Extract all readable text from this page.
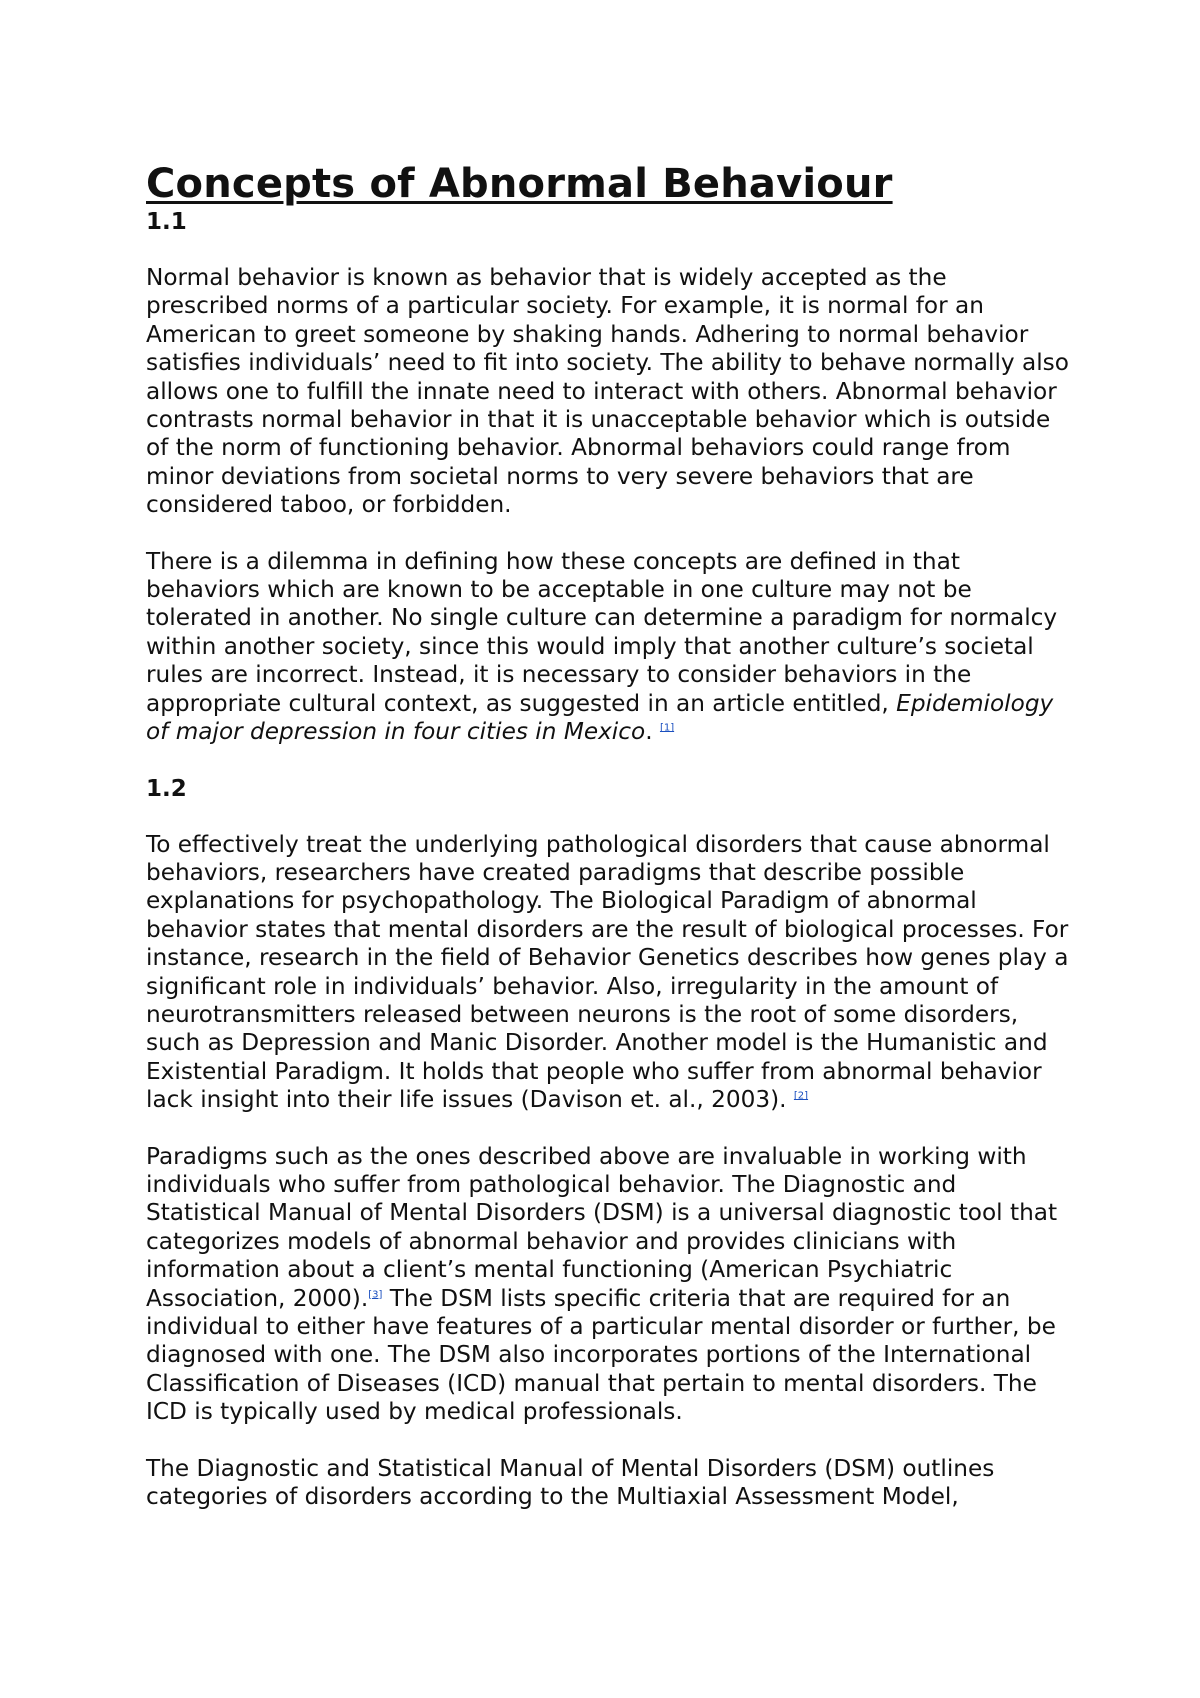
Concepts of Abnormal Behaviour
1.1

Normal behavior is known as behavior that is widely accepted as the prescribed norms of a particular society. For example, it is normal for an American to greet someone by shaking hands. Adhering to normal behavior satisfies individuals’ need to fit into society. The ability to behave normally also allows one to fulfill the innate need to interact with others. Abnormal behavior contrasts normal behavior in that it is unacceptable behavior which is outside of the norm of functioning behavior. Abnormal behaviors could range from minor deviations from societal norms to very severe behaviors that are considered taboo, or forbidden.

There is a dilemma in defining how these concepts are defined in that behaviors which are known to be acceptable in one culture may not be tolerated in another. No single culture can determine a paradigm for normalcy within another society, since this would imply that another culture’s societal rules are incorrect. Instead, it is necessary to consider behaviors in the appropriate cultural context, as suggested in an article entitled, Epidemiology of major depression in four cities in Mexico. [1]

1.2

To effectively treat the underlying pathological disorders that cause abnormal behaviors, researchers have created paradigms that describe possible explanations for psychopathology. The Biological Paradigm of abnormal behavior states that mental disorders are the result of biological processes. For instance, research in the field of Behavior Genetics describes how genes play a significant role in individuals’ behavior. Also, irregularity in the amount of neurotransmitters released between neurons is the root of some disorders, such as Depression and Manic Disorder. Another model is the Humanistic and Existential Paradigm. It holds that people who suffer from abnormal behavior lack insight into their life issues (Davison et. al., 2003). [2]

Paradigms such as the ones described above are invaluable in working with individuals who suffer from pathological behavior. The Diagnostic and Statistical Manual of Mental Disorders (DSM) is a universal diagnostic tool that categorizes models of abnormal behavior and provides clinicians with information about a client’s mental functioning (American Psychiatric Association, 2000).[3] The DSM lists specific criteria that are required for an individual to either have features of a particular mental disorder or further, be diagnosed with one. The DSM also incorporates portions of the International Classification of Diseases (ICD) manual that pertain to mental disorders. The ICD is typically used by medical professionals.

The Diagnostic and Statistical Manual of Mental Disorders (DSM) outlines categories of disorders according to the Multiaxial Assessment Model,
